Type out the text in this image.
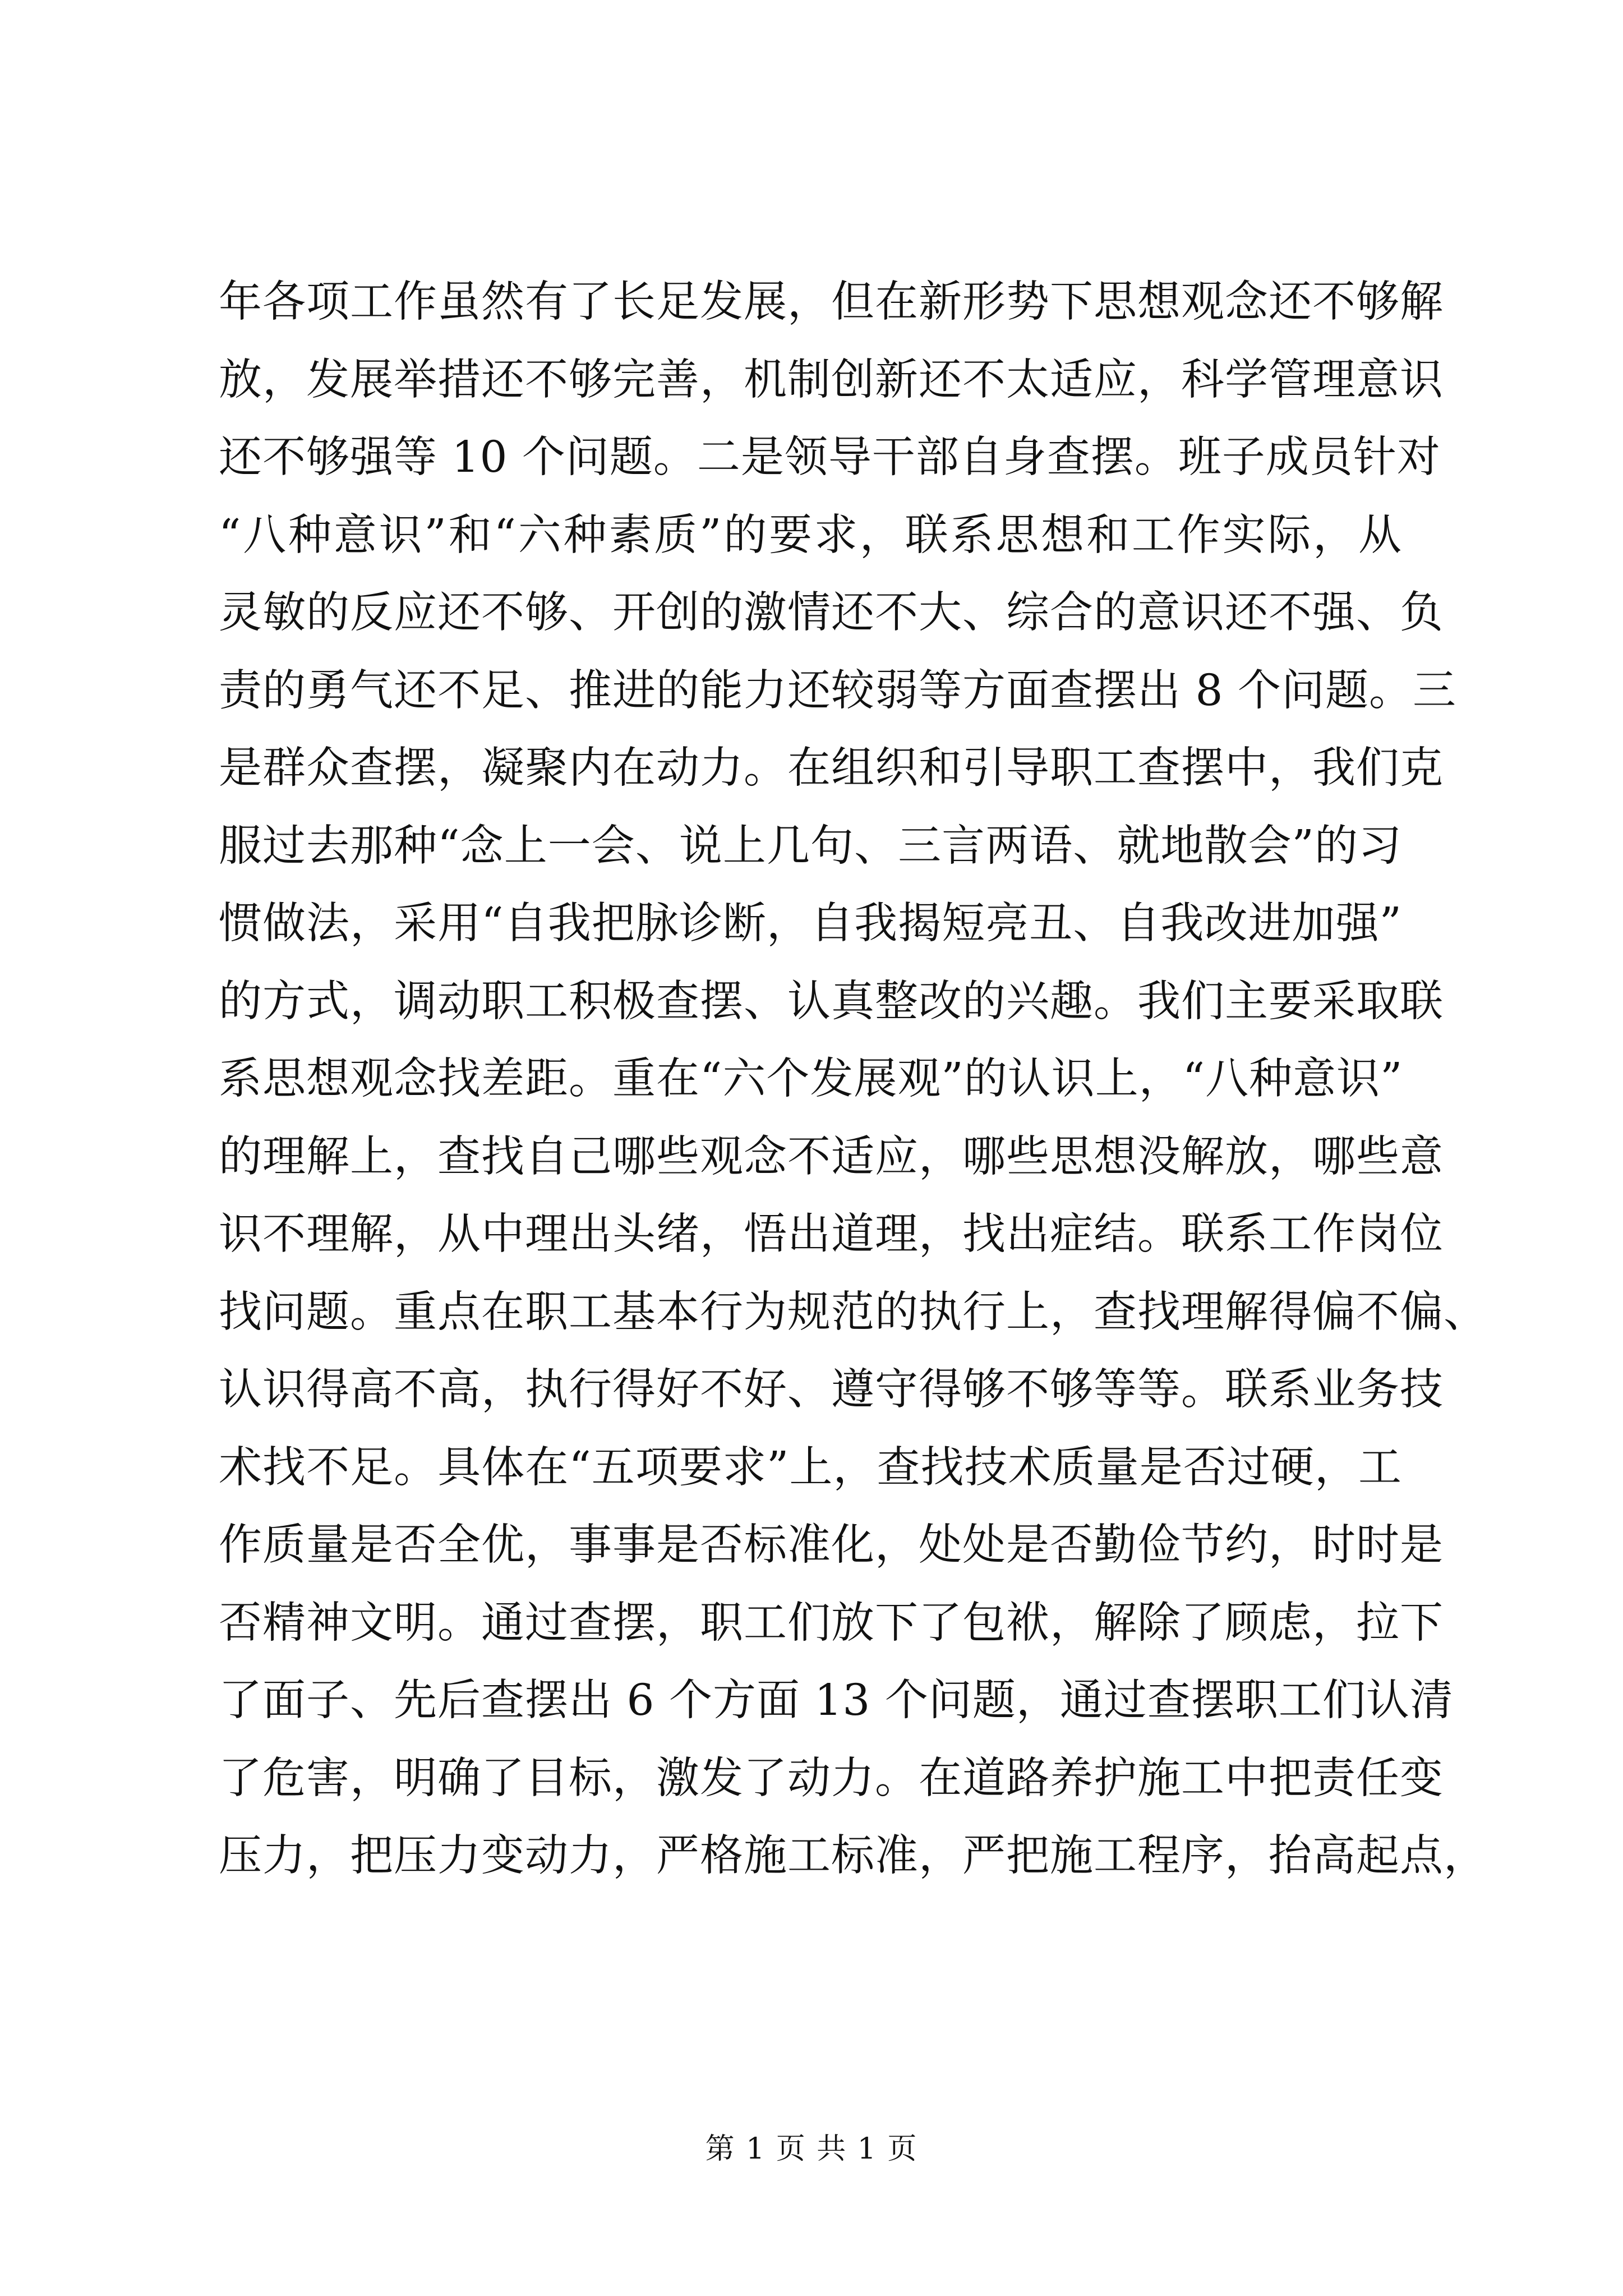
年各项工作虽然有了长足发展，但在新形势下思想观念还不够解
放，发展举措还不够完善，机制创新还不太适应，科学管理意识
还不够强等 10 个问题。二是领导干部自身查摆。班子成员针对
“八种意识”和“六种素质”的要求，联系思想和工作实际，从
灵敏的反应还不够、开创的激情还不大、综合的意识还不强、负
责的勇气还不足、推进的能力还较弱等方面查摆出 8 个问题。三
是群众查摆，凝聚内在动力。在组织和引导职工查摆中，我们克
服过去那种“念上一会、说上几句、三言两语、就地散会”的习
惯做法，采用“自我把脉诊断，自我揭短亮丑、自我改进加强”
的方式，调动职工积极查摆、认真整改的兴趣。我们主要采取联
系思想观念找差距。重在“六个发展观”的认识上，“八种意识”
的理解上，查找自己哪些观念不适应，哪些思想没解放，哪些意
识不理解，从中理出头绪，悟出道理，找出症结。联系工作岗位
找问题。重点在职工基本行为规范的执行上，查找理解得偏不偏、
认识得高不高，执行得好不好、遵守得够不够等等。联系业务技
术找不足。具体在“五项要求”上，查找技术质量是否过硬，工
作质量是否全优，事事是否标准化，处处是否勤俭节约，时时是
否精神文明。通过查摆，职工们放下了包袱，解除了顾虑，拉下
了面子、先后查摆出 6 个方面 13 个问题，通过查摆职工们认清
了危害，明确了目标，激发了动力。在道路养护施工中把责任变
压力，把压力变动力，严格施工标准，严把施工程序，抬高起点，
第 1 页 共 1 页
